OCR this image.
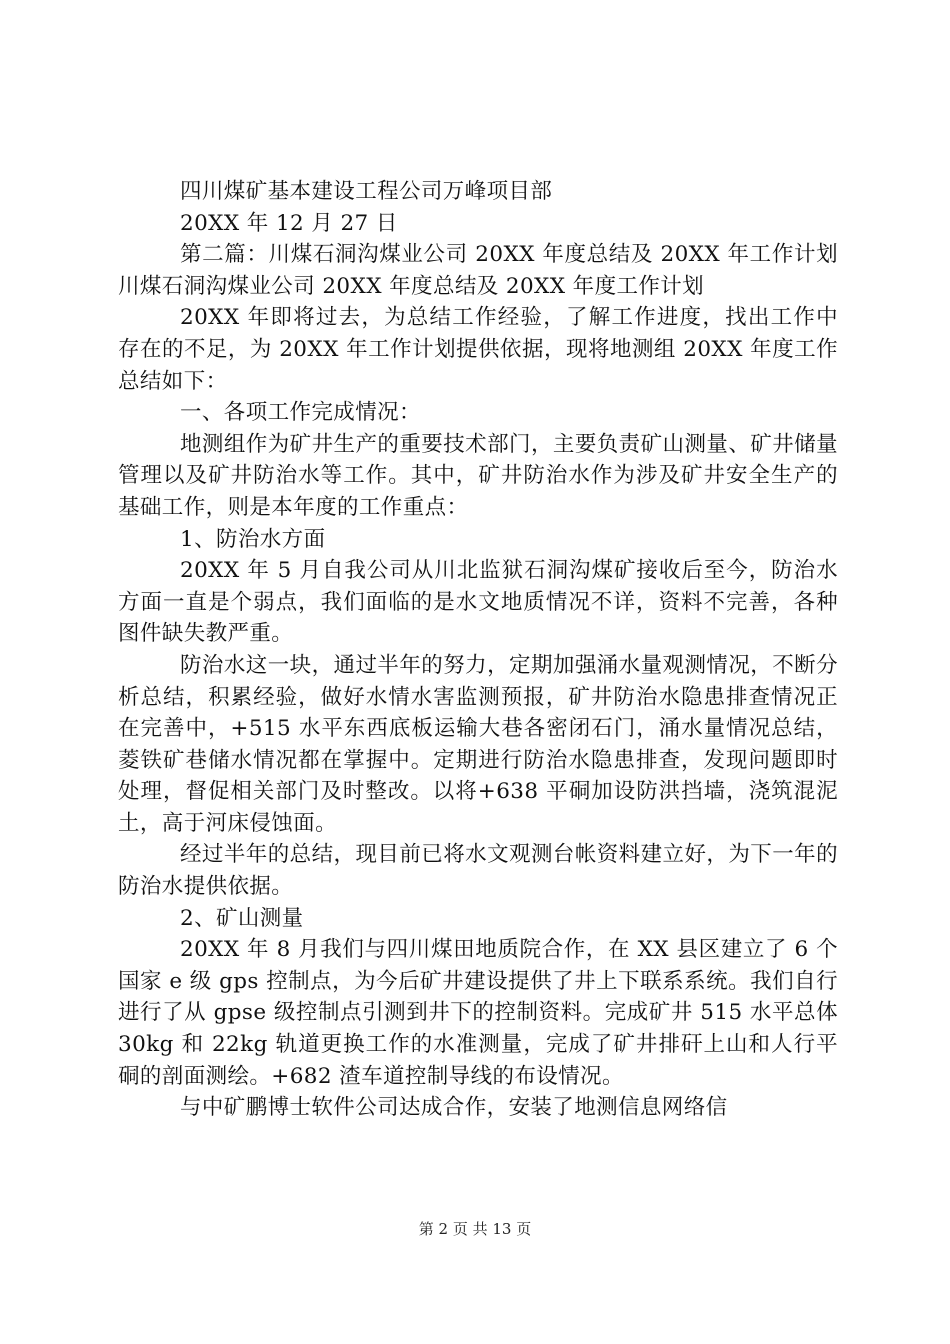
四川煤矿基本建设工程公司万峰项目部

20XX 年 12 月 27 日

第二篇：川煤石洞沟煤业公司 20XX 年度总结及 20XX 年工作计划川煤石洞沟煤业公司 20XX 年度总结及 20XX 年度工作计划

20XX 年即将过去，为总结工作经验，了解工作进度，找出工作中存在的不足，为 20XX 年工作计划提供依据，现将地测组 20XX 年度工作总结如下：

一、各项工作完成情况：

地测组作为矿井生产的重要技术部门，主要负责矿山测量、矿井储量管理以及矿井防治水等工作。其中，矿井防治水作为涉及矿井安全生产的基础工作，则是本年度的工作重点：

1、防治水方面

20XX 年 5 月自我公司从川北监狱石洞沟煤矿接收后至今，防治水方面一直是个弱点，我们面临的是水文地质情况不详，资料不完善，各种图件缺失教严重。

防治水这一块，通过半年的努力，定期加强涌水量观测情况，不断分析总结，积累经验，做好水情水害监测预报，矿井防治水隐患排查情况正在完善中，+515 水平东西底板运输大巷各密闭石门，涌水量情况总结，菱铁矿巷储水情况都在掌握中。定期进行防治水隐患排查，发现问题即时处理，督促相关部门及时整改。以将+638 平硐加设防洪挡墙，浇筑混泥土，高于河床侵蚀面。

经过半年的总结，现目前已将水文观测台帐资料建立好，为下一年的防治水提供依据。

2、矿山测量

20XX 年 8 月我们与四川煤田地质院合作，在 XX 县区建立了 6 个国家 e 级 gps 控制点，为今后矿井建设提供了井上下联系系统。我们自行进行了从 gpse 级控制点引测到井下的控制资料。完成矿井 515 水平总体 30kg 和 22kg 轨道更换工作的水准测量，完成了矿井排矸上山和人行平硐的剖面测绘。+682 渣车道控制导线的布设情况。

与中矿鹏博士软件公司达成合作，安装了地测信息网络信

第 2 页 共 13 页
